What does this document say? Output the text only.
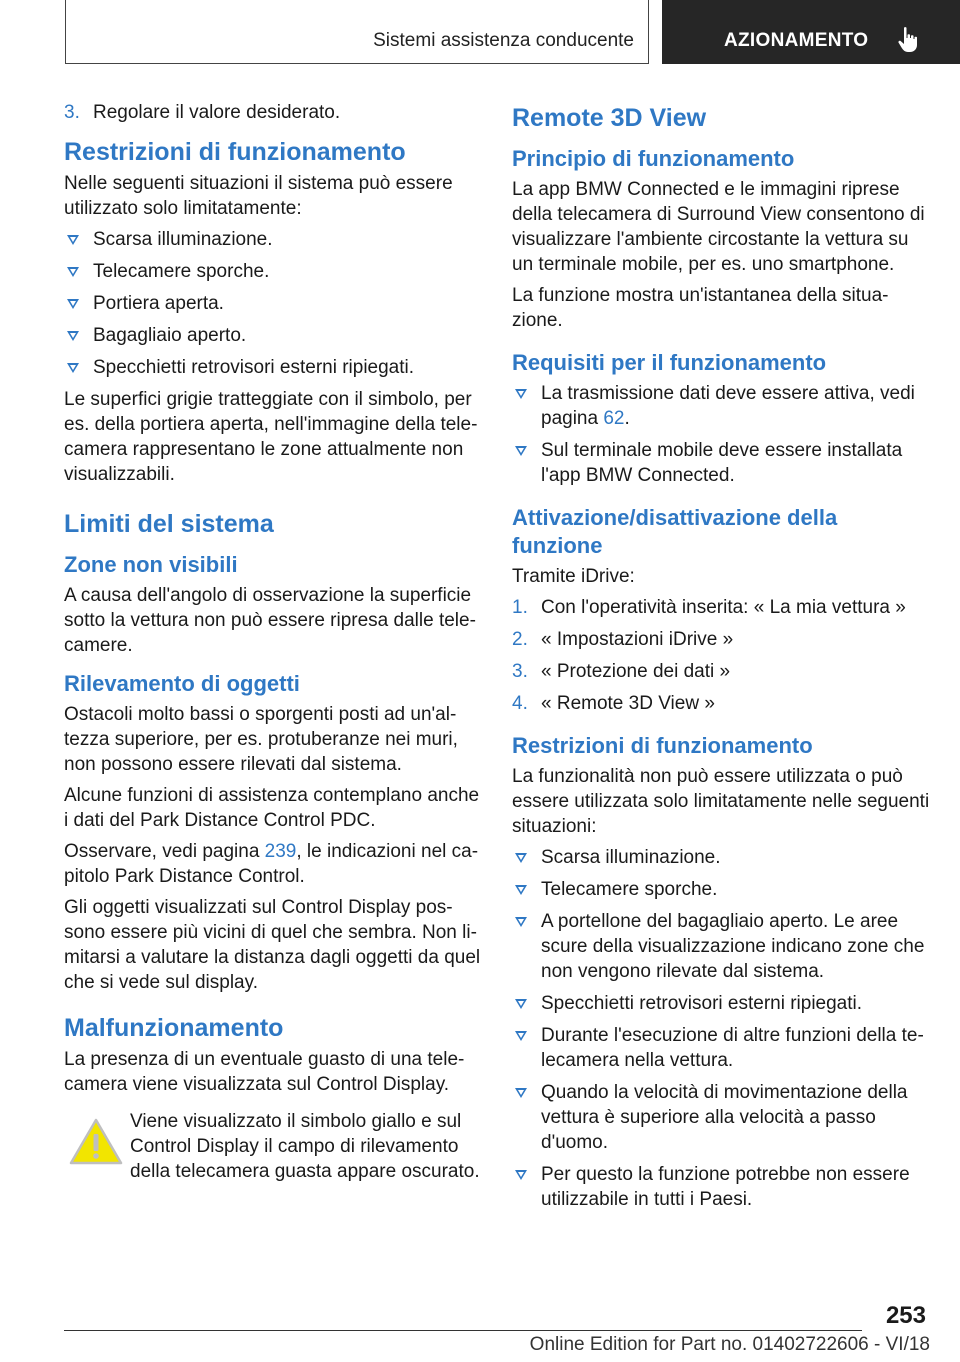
Sistemi assistenza conducente	AZIONAMENTO
3. Regolare il valore desiderato.
Restrizioni di funzionamento

Nelle seguenti situazioni il sistema può essere utilizzato solo limitatamente:

Scarsa illuminazione.
Telecamere sporche.
Portiera aperta.
Bagagliaio aperto.
Specchietti retrovisori esterni ripiegati.

Le superfici grigie tratteggiate con il simbolo, per es. della portiera aperta, nell'immagine della telecamera rappresentano le zone attualmente non visualizzabili.

Limiti del sistema
Zone non visibili

A causa dell'angolo di osservazione la superficie sotto la vettura non può essere ripresa dalle telecamere.

Rilevamento di oggetti

Ostacoli molto bassi o sporgenti posti ad un'altezza superiore, per es. protuberanze nei muri, non possono essere rilevati dal sistema.

Alcune funzioni di assistenza contemplano anche i dati del Park Distance Control PDC.

Osservare, vedi pagina 239, le indicazioni nel capitolo Park Distance Control.

Gli oggetti visualizzati sul Control Display possono essere più vicini di quel che sembra. Non limitarsi a valutare la distanza dagli oggetti da quel che si vede sul display.

Malfunzionamento

La presenza di un eventuale guasto di una telecamera viene visualizzata sul Control Display.

Viene visualizzato il simbolo giallo e sul Control Display il campo di rilevamento della telecamera guasta appare oscurato.

Remote 3D View
Principio di funzionamento

La app BMW Connected e le immagini riprese della telecamera di Surround View consentono di visualizzare l'ambiente circostante la vettura su un terminale mobile, per es. uno smartphone.

La funzione mostra un'istantanea della situazione.

Requisiti per il funzionamento
La trasmissione dati deve essere attiva, vedi pagina 62.
Sul terminale mobile deve essere installata l'app BMW Connected.
Attivazione/disattivazione della funzione

Tramite iDrive:

1. Con l'operatività inserita: « La mia vettura »
2. « Impostazioni iDrive »
3. « Protezione dei dati »
4. « Remote 3D View »
Restrizioni di funzionamento

La funzionalità non può essere utilizzata o può essere utilizzata solo limitatamente nelle seguenti situazioni:

Scarsa illuminazione.
Telecamere sporche.
A portellone del bagagliaio aperto. Le aree scure della visualizzazione indicano zone che non vengono rilevate dal sistema.
Specchietti retrovisori esterni ripiegati.
Durante l'esecuzione di altre funzioni della telecamera nella vettura.
Quando la velocità di movimentazione della vettura è superiore alla velocità a passo d'uomo.
Per questo la funzione potrebbe non essere utilizzabile in tutti i Paesi.
253
Online Edition for Part no. 01402722606 - VI/18
